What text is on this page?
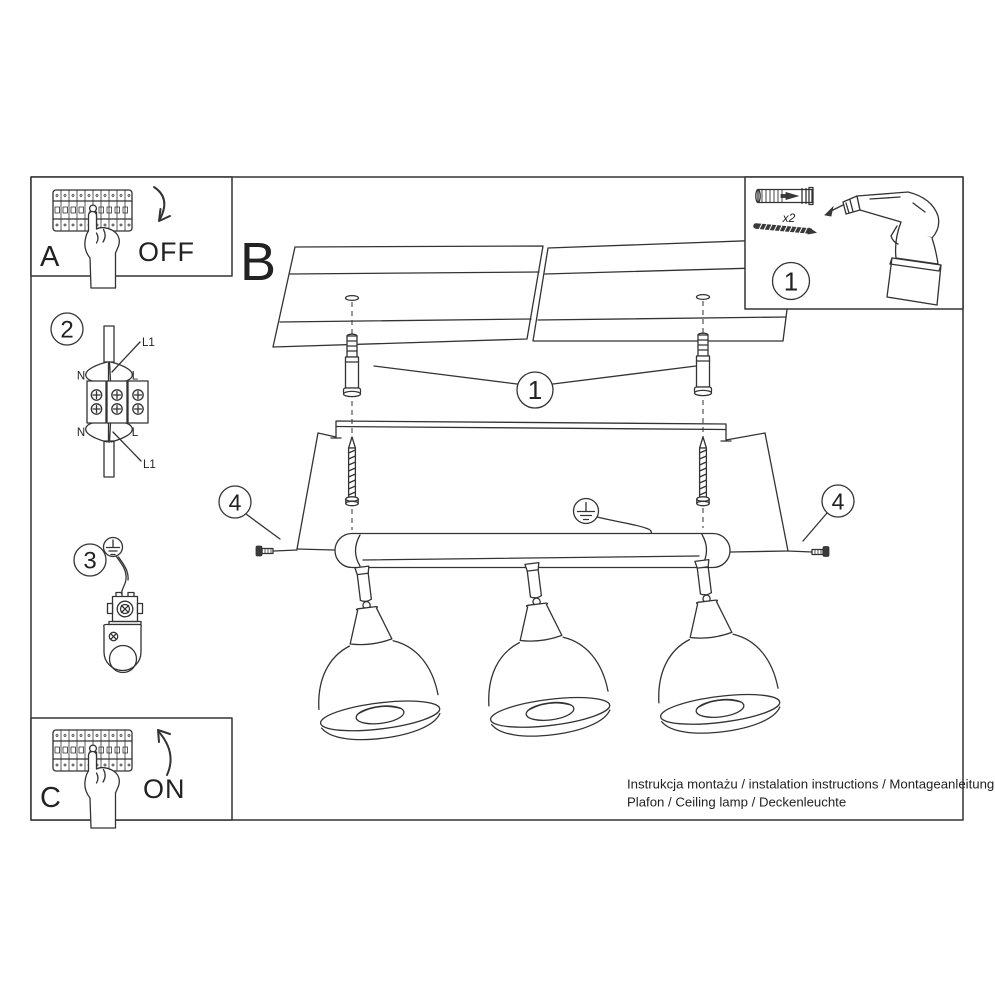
1
4	4
B
x2
1
OFF
A
ON
C
2
N	L
N	L
L1
L1
3
Instrukcja montażu / instalation instructions / Montageanleitung
Plafon / Ceiling lamp / Deckenleuchte
